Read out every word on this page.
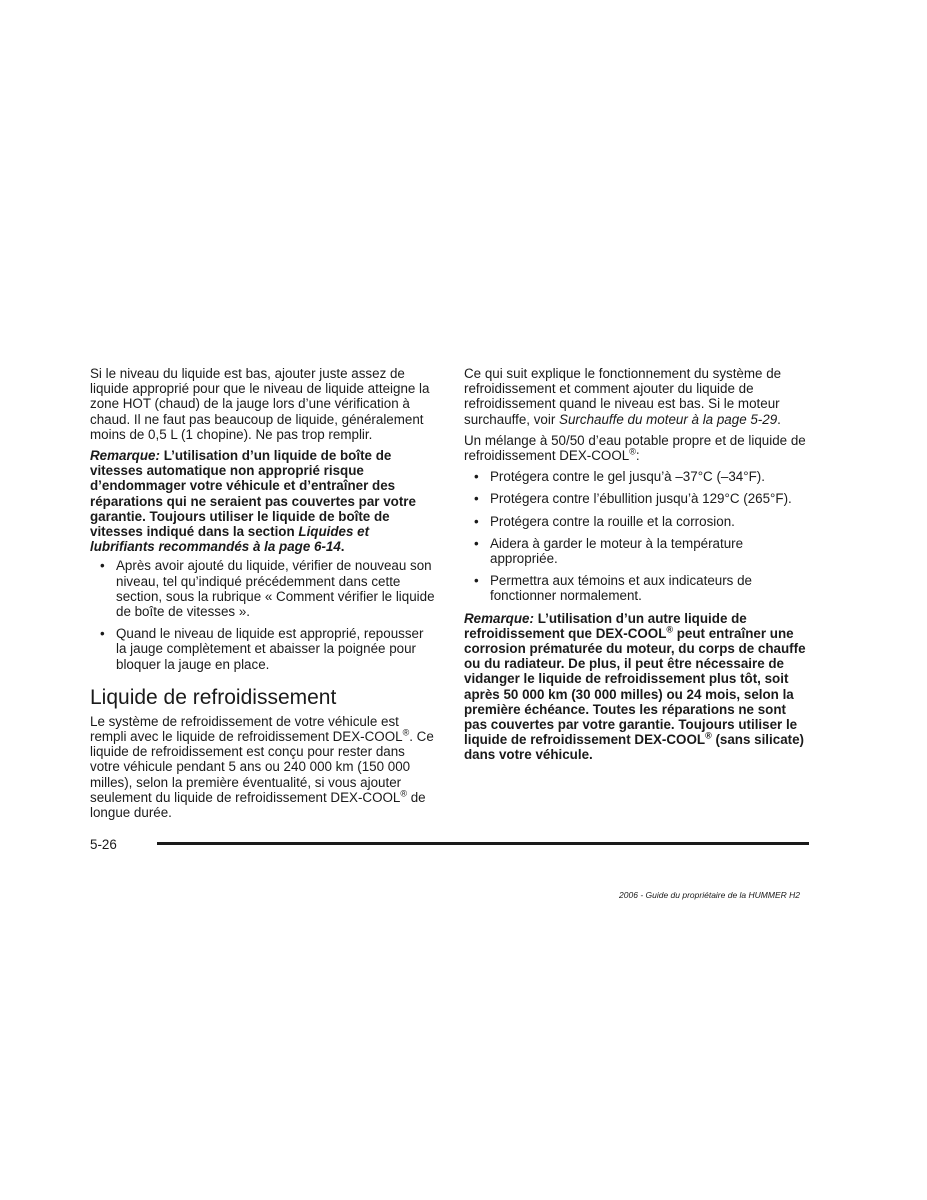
Si le niveau du liquide est bas, ajouter juste assez de liquide approprié pour que le niveau de liquide atteigne la zone HOT (chaud) de la jauge lors d’une vérification à chaud. Il ne faut pas beaucoup de liquide, généralement moins de 0,5 L (1 chopine). Ne pas trop remplir.

Remarque: L’utilisation d’un liquide de boîte de vitesses automatique non approprié risque d’endommager votre véhicule et d’entraîner des réparations qui ne seraient pas couvertes par votre garantie. Toujours utiliser le liquide de boîte de vitesses indiqué dans la section Liquides et lubrifiants recommandés à la page 6-14.

• Après avoir ajouté du liquide, vérifier de nouveau son niveau, tel qu’indiqué précédemment dans cette section, sous la rubrique « Comment vérifier le liquide de boîte de vitesses ».
• Quand le niveau de liquide est approprié, repousser la jauge complètement et abaisser la poignée pour bloquer la jauge en place.
Liquide de refroidissement

Le système de refroidissement de votre véhicule est rempli avec le liquide de refroidissement DEX-COOL®. Ce liquide de refroidissement est conçu pour rester dans votre véhicule pendant 5 ans ou 240 000 km (150 000 milles), selon la première éventualité, si vous ajouter seulement du liquide de refroidissement DEX-COOL® de longue durée.

Ce qui suit explique le fonctionnement du système de refroidissement et comment ajouter du liquide de refroidissement quand le niveau est bas. Si le moteur surchauffe, voir Surchauffe du moteur à la page 5-29.

Un mélange à 50/50 d’eau potable propre et de liquide de refroidissement DEX-COOL®:

• Protégera contre le gel jusqu’à –37°C (–34°F).
• Protégera contre l’ébullition jusqu’à 129°C (265°F).
• Protégera contre la rouille et la corrosion.
• Aidera à garder le moteur à la température appropriée.
• Permettra aux témoins et aux indicateurs de fonctionner normalement.

Remarque: L’utilisation d’un autre liquide de refroidissement que DEX-COOL® peut entraîner une corrosion prématurée du moteur, du corps de chauffe ou du radiateur. De plus, il peut être nécessaire de vidanger le liquide de refroidissement plus tôt, soit après 50 000 km (30 000 milles) ou 24 mois, selon la première échéance. Toutes les réparations ne sont pas couvertes par votre garantie. Toujours utiliser le liquide de refroidissement DEX-COOL® (sans silicate) dans votre véhicule.

5-26
2006 - Guide du propriétaire de la HUMMER H2
